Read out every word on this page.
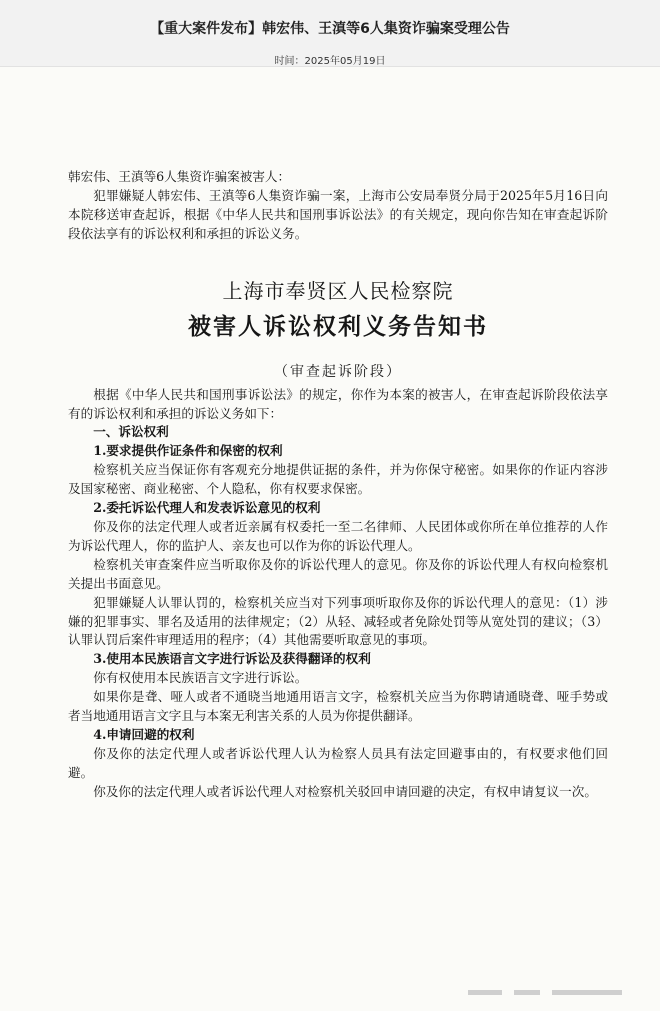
【重大案件发布】韩宏伟、王滇等6人集资诈骗案受理公告
时间：2025年05月19日

韩宏伟、王滇等6人集资诈骗案被害人：

犯罪嫌疑人韩宏伟、王滇等6人集资诈骗一案，上海市公安局奉贤分局于2025年5月16日向本院移送审查起诉，根据《中华人民共和国刑事诉讼法》的有关规定，现向你告知在审查起诉阶段依法享有的诉讼权利和承担的诉讼义务。

上海市奉贤区人民检察院
被害人诉讼权利义务告知书
（审查起诉阶段）

根据《中华人民共和国刑事诉讼法》的规定，你作为本案的被害人，在审查起诉阶段依法享有的诉讼权利和承担的诉讼义务如下：

一、诉讼权利

1.要求提供作证条件和保密的权利

检察机关应当保证你有客观充分地提供证据的条件，并为你保守秘密。如果你的作证内容涉及国家秘密、商业秘密、个人隐私，你有权要求保密。

2.委托诉讼代理人和发表诉讼意见的权利

你及你的法定代理人或者近亲属有权委托一至二名律师、人民团体或你所在单位推荐的人作为诉讼代理人，你的监护人、亲友也可以作为你的诉讼代理人。

检察机关审查案件应当听取你及你的诉讼代理人的意见。你及你的诉讼代理人有权向检察机关提出书面意见。

犯罪嫌疑人认罪认罚的，检察机关应当对下列事项听取你及你的诉讼代理人的意见：（1）涉嫌的犯罪事实、罪名及适用的法律规定；（2）从轻、减轻或者免除处罚等从宽处罚的建议；（3）认罪认罚后案件审理适用的程序；（4）其他需要听取意见的事项。

3.使用本民族语言文字进行诉讼及获得翻译的权利

你有权使用本民族语言文字进行诉讼。

如果你是聋、哑人或者不通晓当地通用语言文字，检察机关应当为你聘请通晓聋、哑手势或者当地通用语言文字且与本案无利害关系的人员为你提供翻译。

4.申请回避的权利

你及你的法定代理人或者诉讼代理人认为检察人员具有法定回避事由的，有权要求他们回避。

你及你的法定代理人或者诉讼代理人对检察机关驳回申请回避的决定，有权申请复议一次。
